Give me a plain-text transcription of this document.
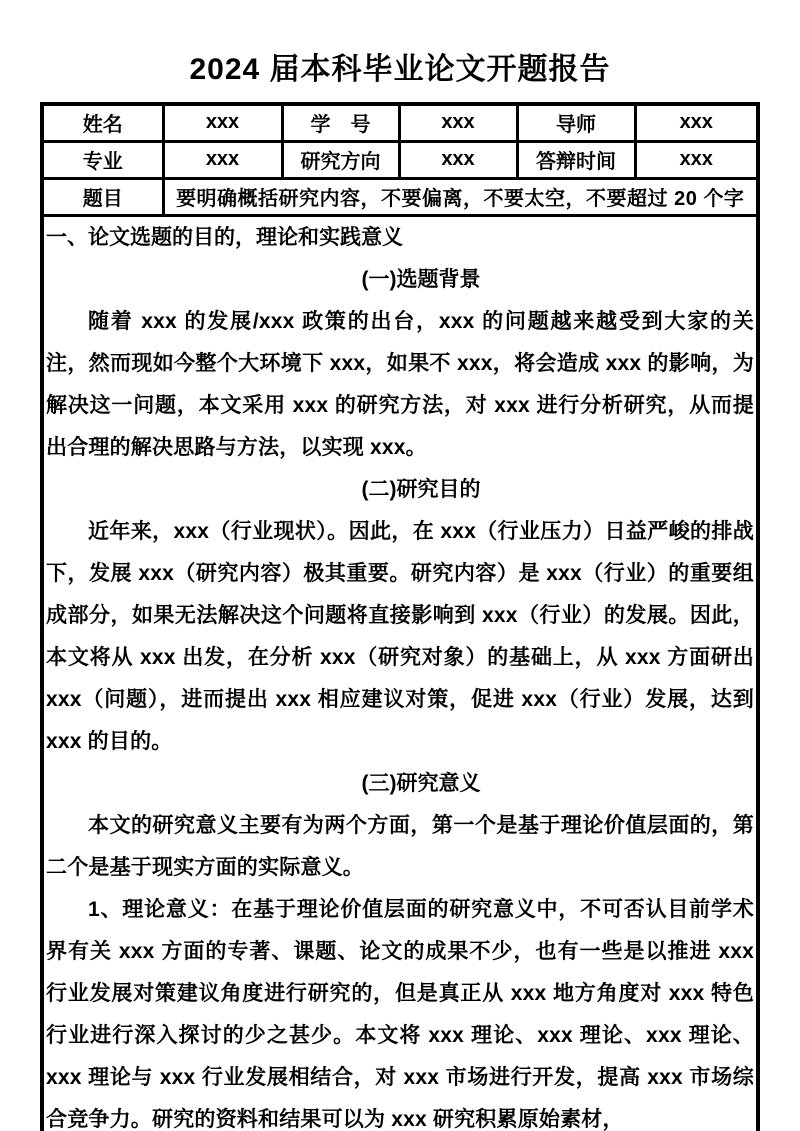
2024 届本科毕业论文开题报告
姓名	xxx	学　号	xxx	导师	xxx
专业	xxx	研究方向	xxx	答辩时间	xxx
题目	要明确概括研究内容，不要偏离，不要太空，不要超过 20 个字				

一、论文选题的目的，理论和实践意义
(一)选题背景

随着 xxx 的发展/xxx 政策的出台，xxx 的问题越来越受到大家的关注，然而现如今整个大环境下 xxx，如果不 xxx，将会造成 xxx 的影响，为解决这一问题，本文采用 xxx 的研究方法，对 xxx 进行分析研究，从而提出合理的解决思路与方法，以实现 xxx。

(二)研究目的

近年来，xxx（行业现状）。因此，在 xxx（行业压力）日益严峻的排战下，发展 xxx（研究内容）极其重要。研究内容）是 xxx（行业）的重要组成部分，如果无法解决这个问题将直接影响到 xxx（行业）的发展。因此，本文将从 xxx 出发，在分析 xxx（研究对象）的基础上，从 xxx 方面研出 xxx（问题），进而提出 xxx 相应建议对策，促进 xxx（行业）发展，达到 xxx 的目的。

(三)研究意义

本文的研究意义主要有为两个方面，第一个是基于理论价值层面的，第二个是基于现实方面的实际意义。

1、理论意义：在基于理论价值层面的研究意义中，不可否认目前学术界有关 xxx 方面的专著、课题、论文的成果不少，也有一些是以推进 xxx 行业发展对策建议角度进行研究的，但是真正从 xxx 地方角度对 xxx 特色行业进行深入探讨的少之甚少。本文将 xxx 理论、xxx 理论、xxx 理论、xxx 理论与 xxx 行业发展相结合，对 xxx 市场进行开发，提高 xxx 市场综合竞争力。研究的资料和结果可以为 xxx 研究积累原始素材，
